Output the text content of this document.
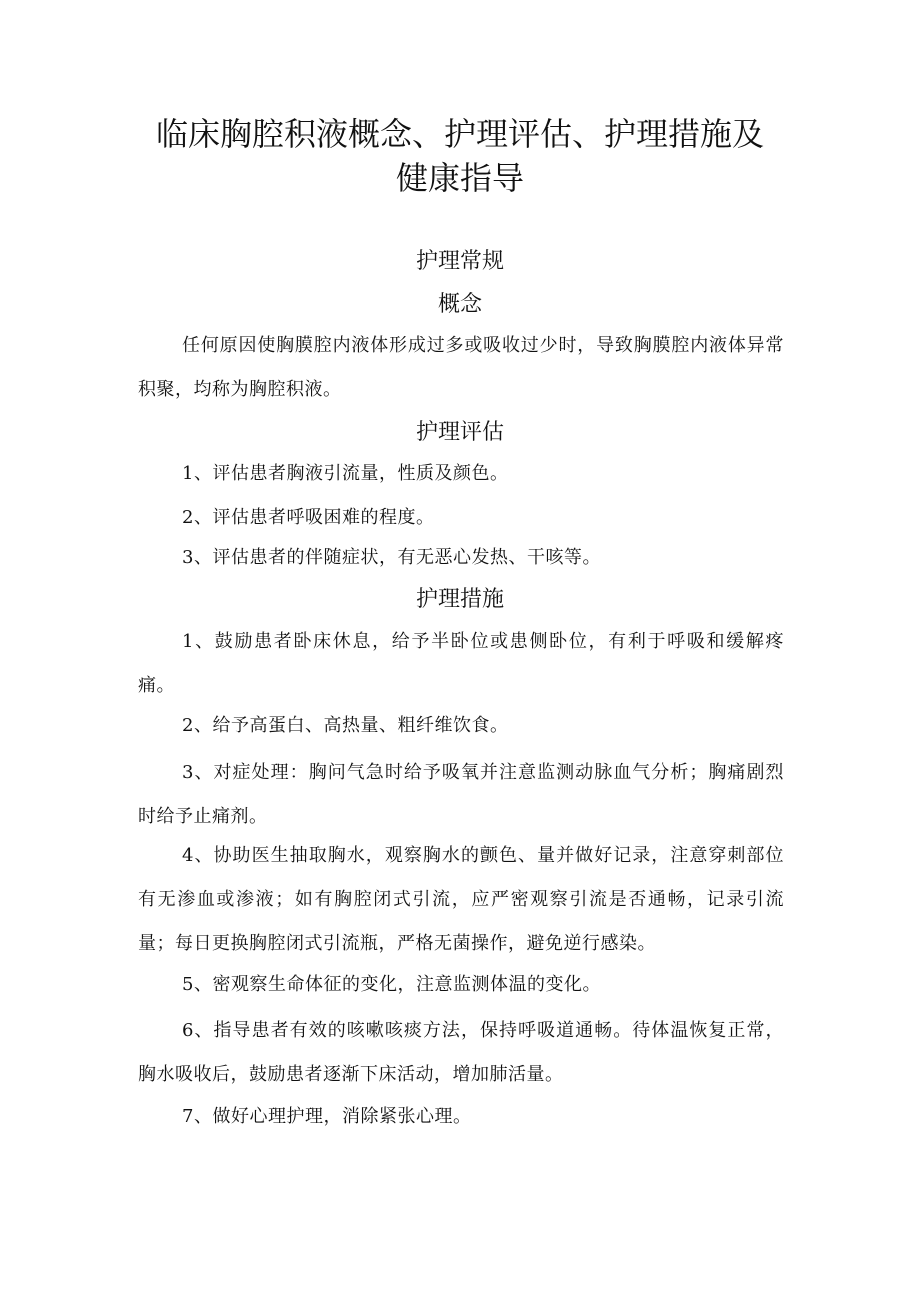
临床胸腔积液概念、护理评估、护理措施及
健康指导
护理常规
概念

任何原因使胸膜腔内液体形成过多或吸收过少时，导致胸膜腔内液体异常积聚，均称为胸腔积液。

护理评估

1、评估患者胸液引流量，性质及颜色。

2、评估患者呼吸困难的程度。

3、评估患者的伴随症状，有无恶心发热、干咳等。

护理措施

1、鼓励患者卧床休息，给予半卧位或患侧卧位，有利于呼吸和缓解疼痛。

2、给予高蛋白、高热量、粗纤维饮食。

3、对症处理：胸问气急时给予吸氧并注意监测动脉血气分析；胸痛剧烈时给予止痛剂。

4、协助医生抽取胸水，观察胸水的颤色、量并做好记录，注意穿刺部位有无渗血或渗液；如有胸腔闭式引流，应严密观察引流是否通畅，记录引流量；每日更换胸腔闭式引流瓶，严格无菌操作，避免逆行感染。

5、密观察生命体征的变化，注意监测体温的变化。

6、指导患者有效的咳嗽咳痰方法，保持呼吸道通畅。待体温恢复正常，胸水吸收后，鼓励患者逐渐下床活动，增加肺活量。

7、做好心理护理，消除紧张心理。
